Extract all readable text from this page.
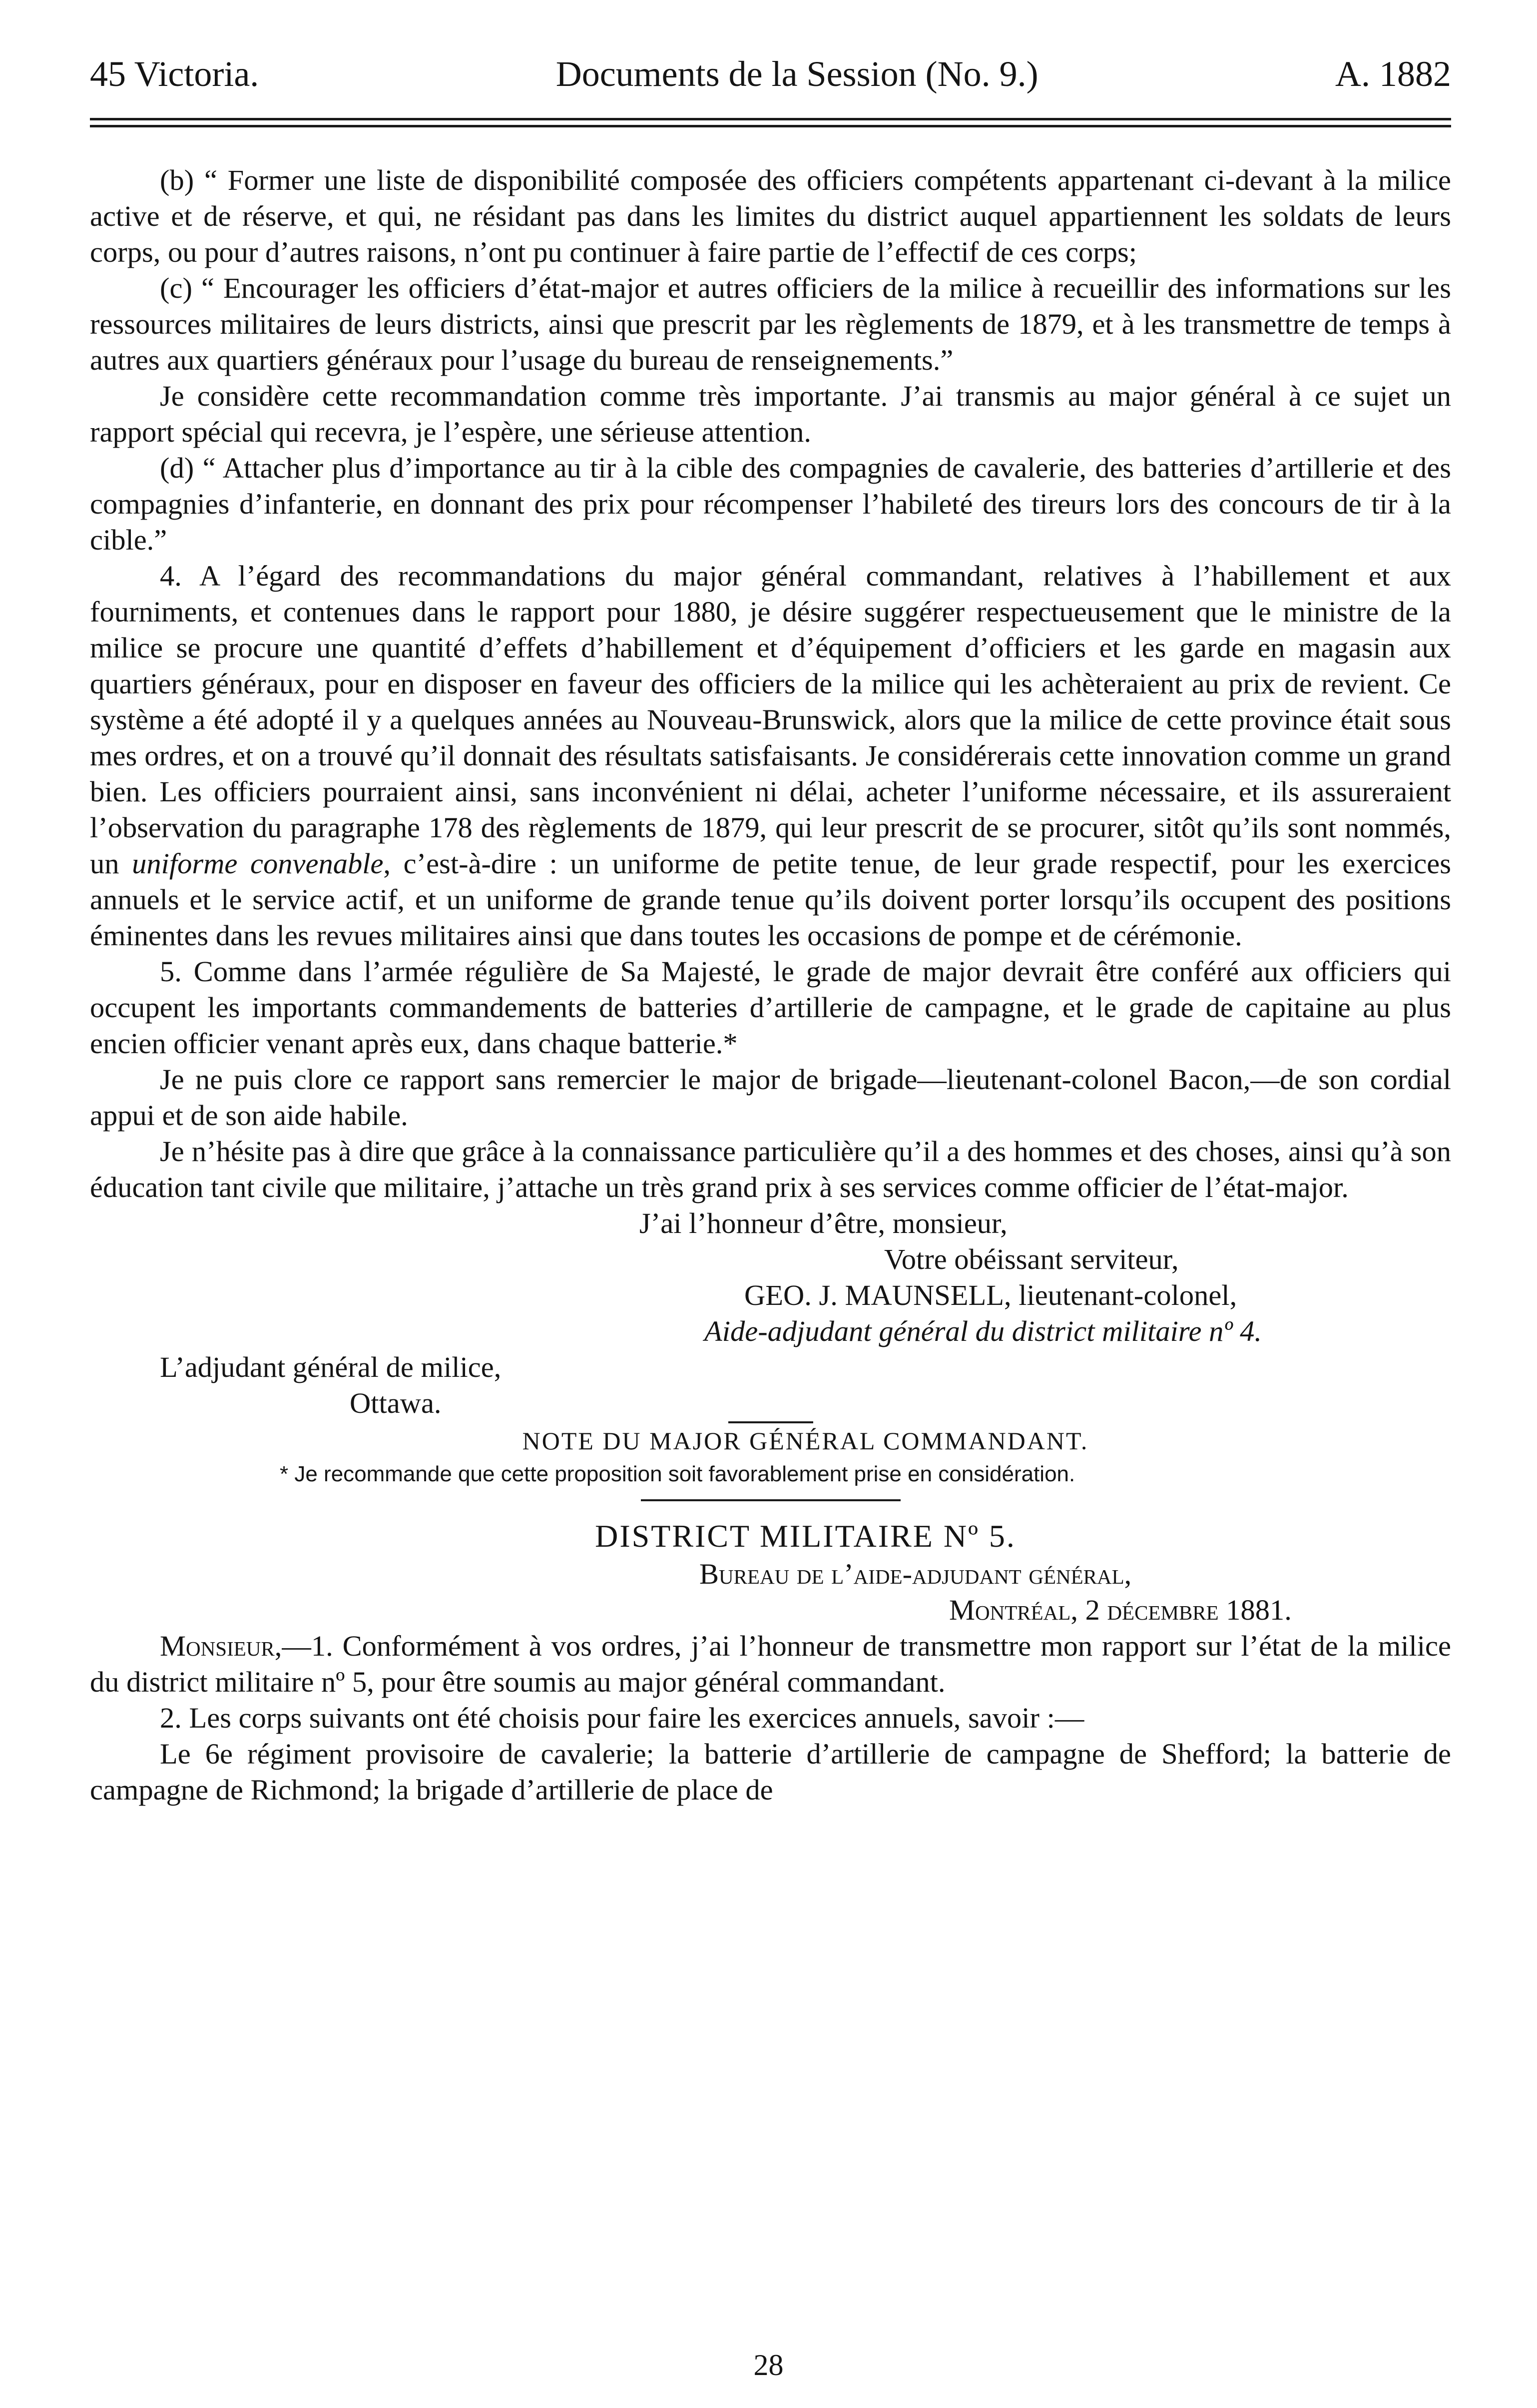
45 Victoria.	Documents de la Session (No. 9.)	A. 1882

(b) “ Former une liste de disponibilité composée des officiers compétents appartenant ci-devant à la milice active et de réserve, et qui, ne résidant pas dans les limites du district auquel appartiennent les soldats de leurs corps, ou pour d’autres raisons, n’ont pu continuer à faire partie de l’effectif de ces corps;

(c) “ Encourager les officiers d’état-major et autres officiers de la milice à recueillir des informations sur les ressources militaires de leurs districts, ainsi que prescrit par les règlements de 1879, et à les transmettre de temps à autres aux quartiers généraux pour l’usage du bureau de renseignements.”

Je considère cette recommandation comme très importante. J’ai transmis au major général à ce sujet un rapport spécial qui recevra, je l’espère, une sérieuse attention.

(d) “ Attacher plus d’importance au tir à la cible des compagnies de cavalerie, des batteries d’artillerie et des compagnies d’infanterie, en donnant des prix pour récompenser l’habileté des tireurs lors des concours de tir à la cible.”

4. A l’égard des recommandations du major général commandant, relatives à l’habillement et aux fourniments, et contenues dans le rapport pour 1880, je désire suggérer respectueusement que le ministre de la milice se procure une quantité d’effets d’habillement et d’équipement d’officiers et les garde en magasin aux quartiers généraux, pour en disposer en faveur des officiers de la milice qui les achèteraient au prix de revient. Ce système a été adopté il y a quelques années au Nouveau-Brunswick, alors que la milice de cette province était sous mes ordres, et on a trouvé qu’il donnait des résultats satisfaisants. Je considérerais cette innovation comme un grand bien. Les officiers pourraient ainsi, sans inconvénient ni délai, acheter l’uniforme nécessaire, et ils assureraient l’observation du paragraphe 178 des règlements de 1879, qui leur prescrit de se procurer, sitôt qu’ils sont nommés, un uniforme convenable, c’est-à-dire : un uniforme de petite tenue, de leur grade respectif, pour les exercices annuels et le service actif, et un uniforme de grande tenue qu’ils doivent porter lorsqu’ils occupent des positions éminentes dans les revues militaires ainsi que dans toutes les occasions de pompe et de cérémonie.

5. Comme dans l’armée régulière de Sa Majesté, le grade de major devrait être conféré aux officiers qui occupent les importants commandements de batteries d’artillerie de campagne, et le grade de capitaine au plus encien officier venant après eux, dans chaque batterie.*

Je ne puis clore ce rapport sans remercier le major de brigade—lieutenant-colonel Bacon,—de son cordial appui et de son aide habile.

Je n’hésite pas à dire que grâce à la connaissance particulière qu’il a des hommes et des choses, ainsi qu’à son éducation tant civile que militaire, j’attache un très grand prix à ses services comme officier de l’état-major.

J’ai l’honneur d’être, monsieur,

Votre obéissant serviteur,

GEO. J. MAUNSELL, lieutenant-colonel,

Aide-adjudant général du district militaire nº 4.

L’adjudant général de milice,

Ottawa.

NOTE DU MAJOR GÉNÉRAL COMMANDANT.

* Je recommande que cette proposition soit favorablement prise en considération.

DISTRICT MILITAIRE Nº 5.

Bureau de l’aide-adjudant général,

Montréal, 2 décembre 1881.

Monsieur,—1. Conformément à vos ordres, j’ai l’honneur de transmettre mon rapport sur l’état de la milice du district militaire nº 5, pour être soumis au major général commandant.

2. Les corps suivants ont été choisis pour faire les exercices annuels, savoir :—

Le 6e régiment provisoire de cavalerie; la batterie d’artillerie de campagne de Shefford; la batterie de campagne de Richmond; la brigade d’artillerie de place de

28
